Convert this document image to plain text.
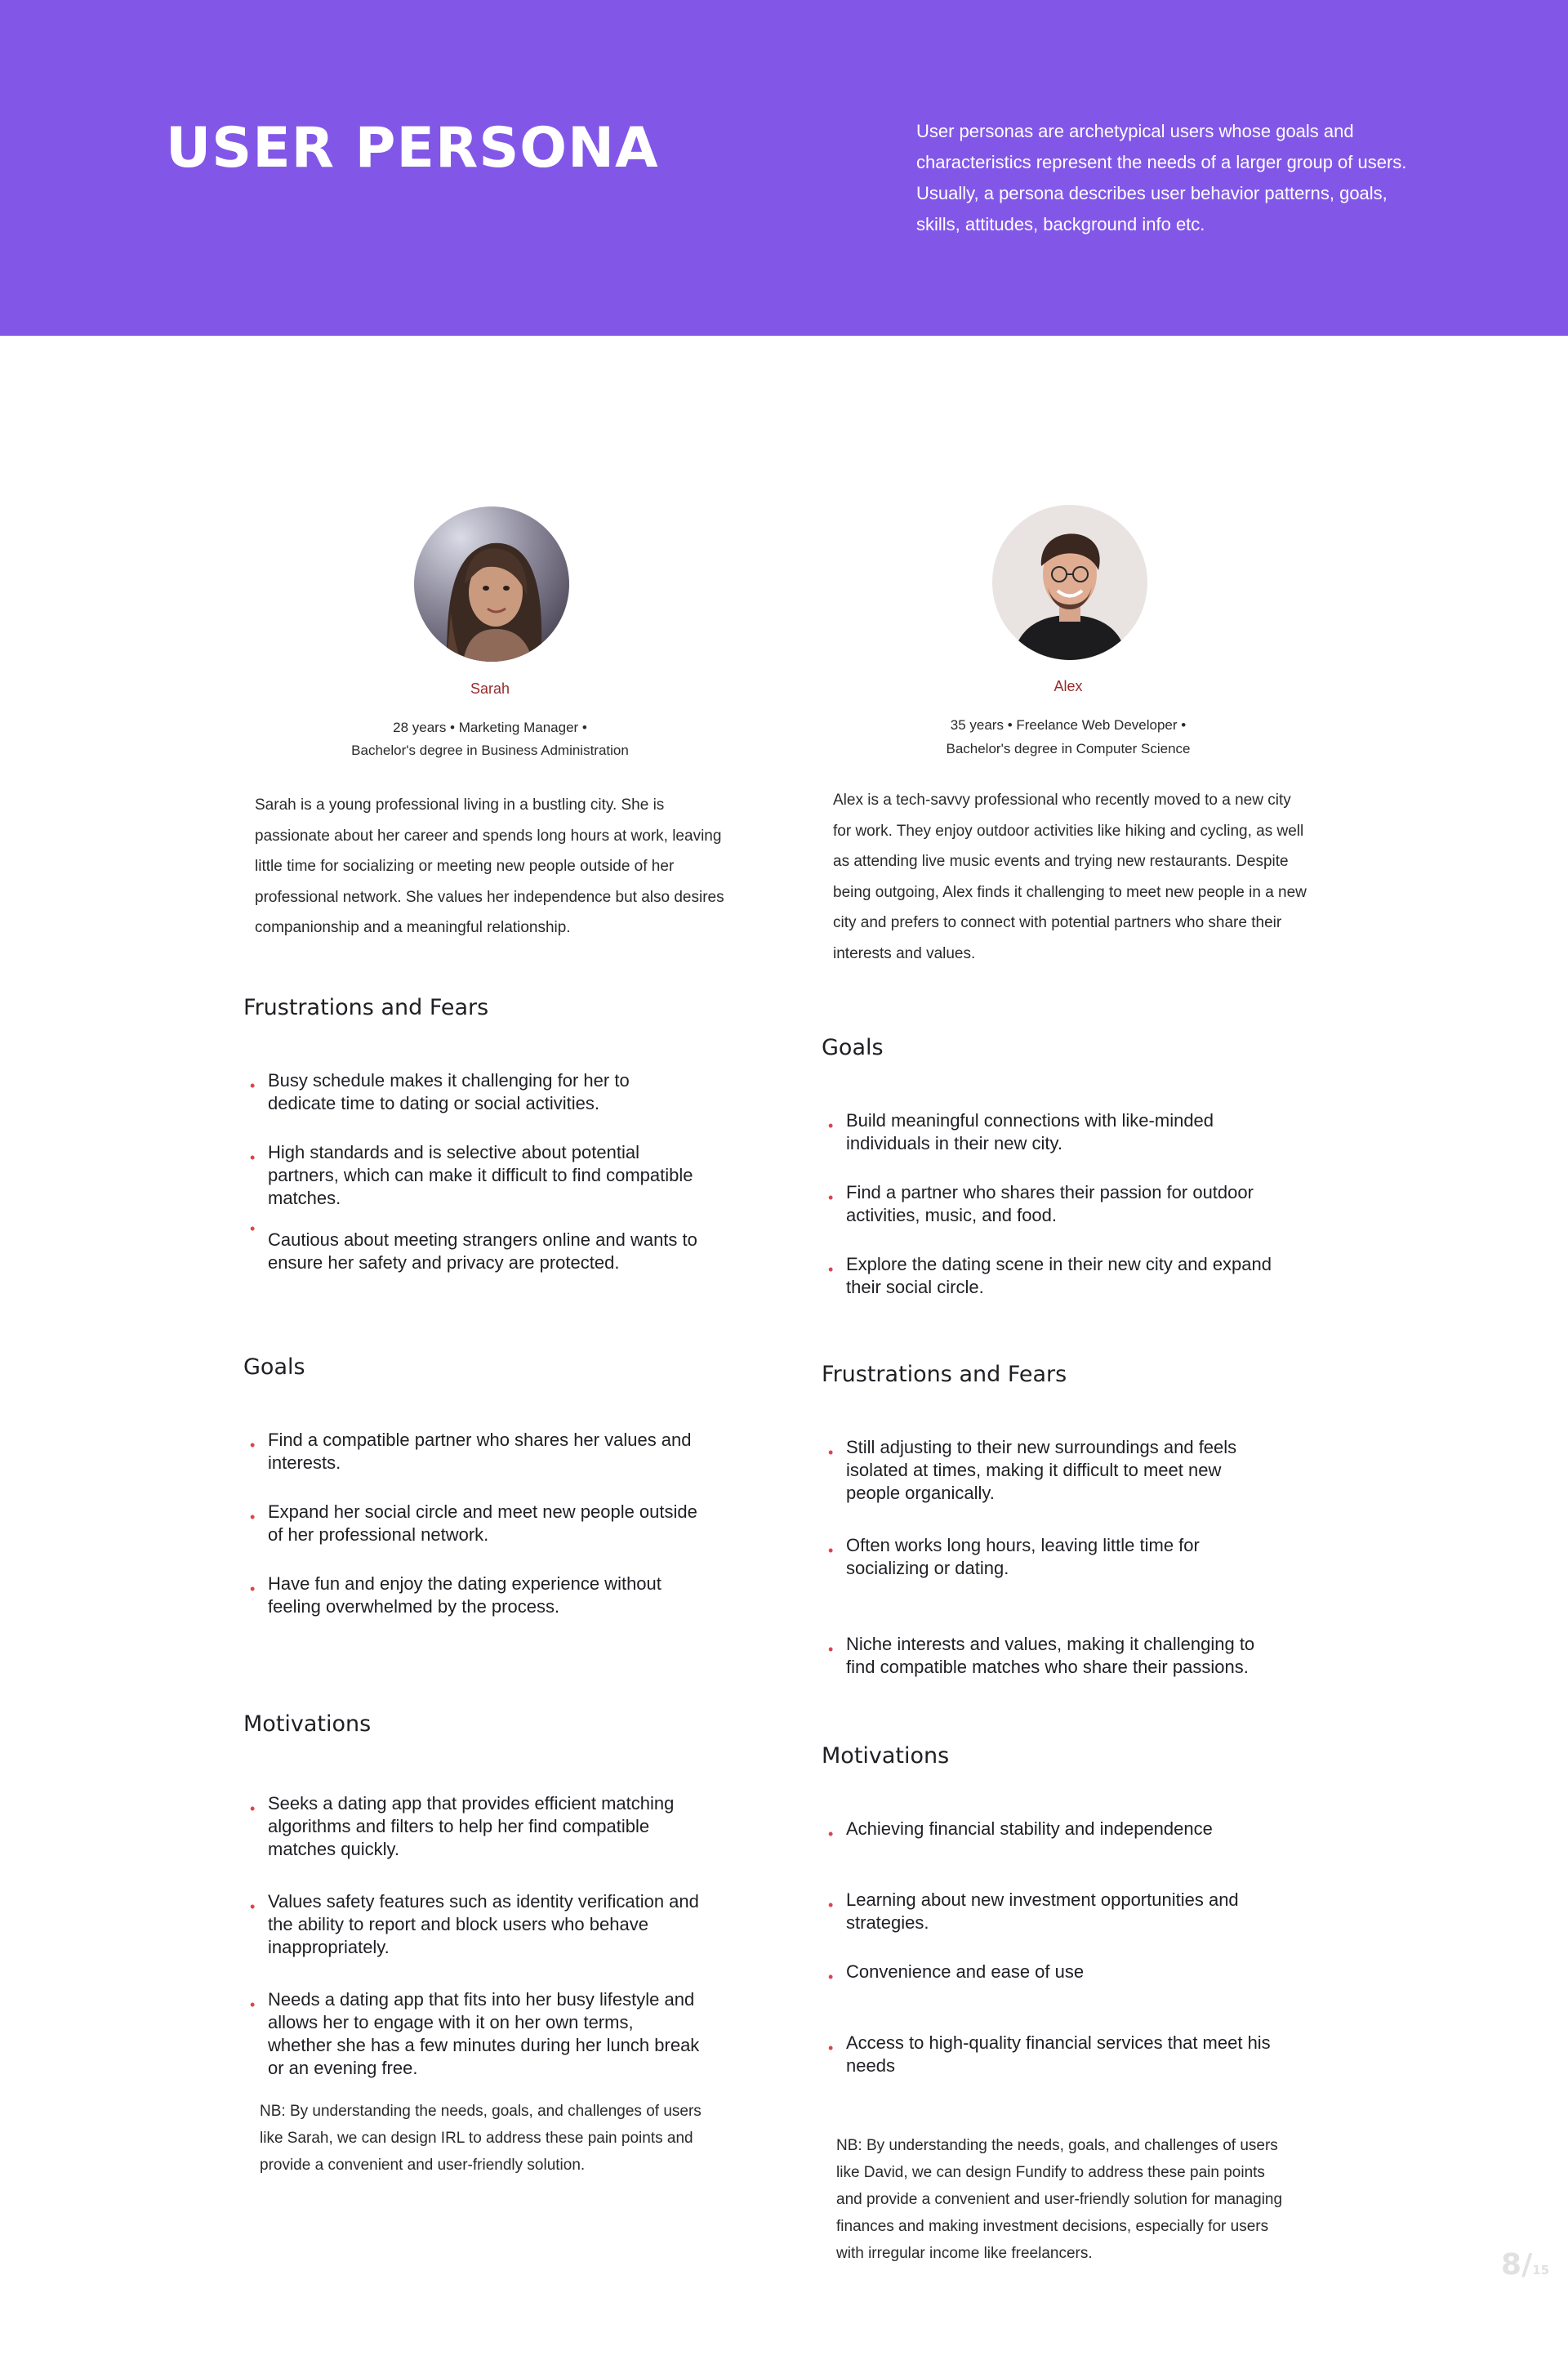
USER PERSONA	User personas are archetypical users whose goals and characteristics represent the needs of a larger group of users. Usually, a persona describes user behavior patterns, goals, skills, attitudes, background info etc.

Sarah

28 years • Marketing Manager •

Bachelor's degree in Business Administration

Sarah is a young professional living in a bustling city. She is passionate about her career and spends long hours at work, leaving little time for socializing or meeting new people outside of her professional network. She values her independence but also desires companionship and a meaningful relationship.

Frustrations and Fears
• Busy schedule makes it challenging for her to dedicate time to dating or social activities.
• High standards and is selective about potential partners, which can make it difficult to find compatible matches.
•
Cautious about meeting strangers online and wants to ensure her safety and privacy are protected.
Goals
• Find a compatible partner who shares her values and interests.
• Expand her social circle and meet new people outside of her professional network.
• Have fun and enjoy the dating experience without feeling overwhelmed by the process.
Motivations
• Seeks a dating app that provides efficient matching algorithms and filters to help her find compatible matches quickly.
• Values safety features such as identity verification and the ability to report and block users who behave inappropriately.
• Needs a dating app that fits into her busy lifestyle and allows her to engage with it on her own terms, whether she has a few minutes during her lunch break or an evening free.

NB: By understanding the needs, goals, and challenges of users like Sarah, we can design IRL to address these pain points and provide a convenient and user-friendly solution.

Alex

35 years • Freelance Web Developer •

Bachelor's degree in Computer Science

Alex is a tech-savvy professional who recently moved to a new city for work. They enjoy outdoor activities like hiking and cycling, as well as attending live music events and trying new restaurants. Despite being outgoing, Alex finds it challenging to meet new people in a new city and prefers to connect with potential partners who share their interests and values.

Goals
• Build meaningful connections with like-minded individuals in their new city.
• Find a partner who shares their passion for outdoor activities, music, and food.
• Explore the dating scene in their new city and expand their social circle.
Frustrations and Fears
• Still adjusting to their new surroundings and feels isolated at times, making it difficult to meet new people organically.
• Often works long hours, leaving little time for socializing or dating.
• Niche interests and values, making it challenging to find compatible matches who share their passions.
Motivations
• Achieving financial stability and independence
• Learning about new investment opportunities and strategies.
• Convenience and ease of use
• Access to high-quality financial services that meet his needs

NB: By understanding the needs, goals, and challenges of users like David, we can design Fundify to address these pain points and provide a convenient and user-friendly solution for managing finances and making investment decisions, especially for users with irregular income like freelancers.	8/15
